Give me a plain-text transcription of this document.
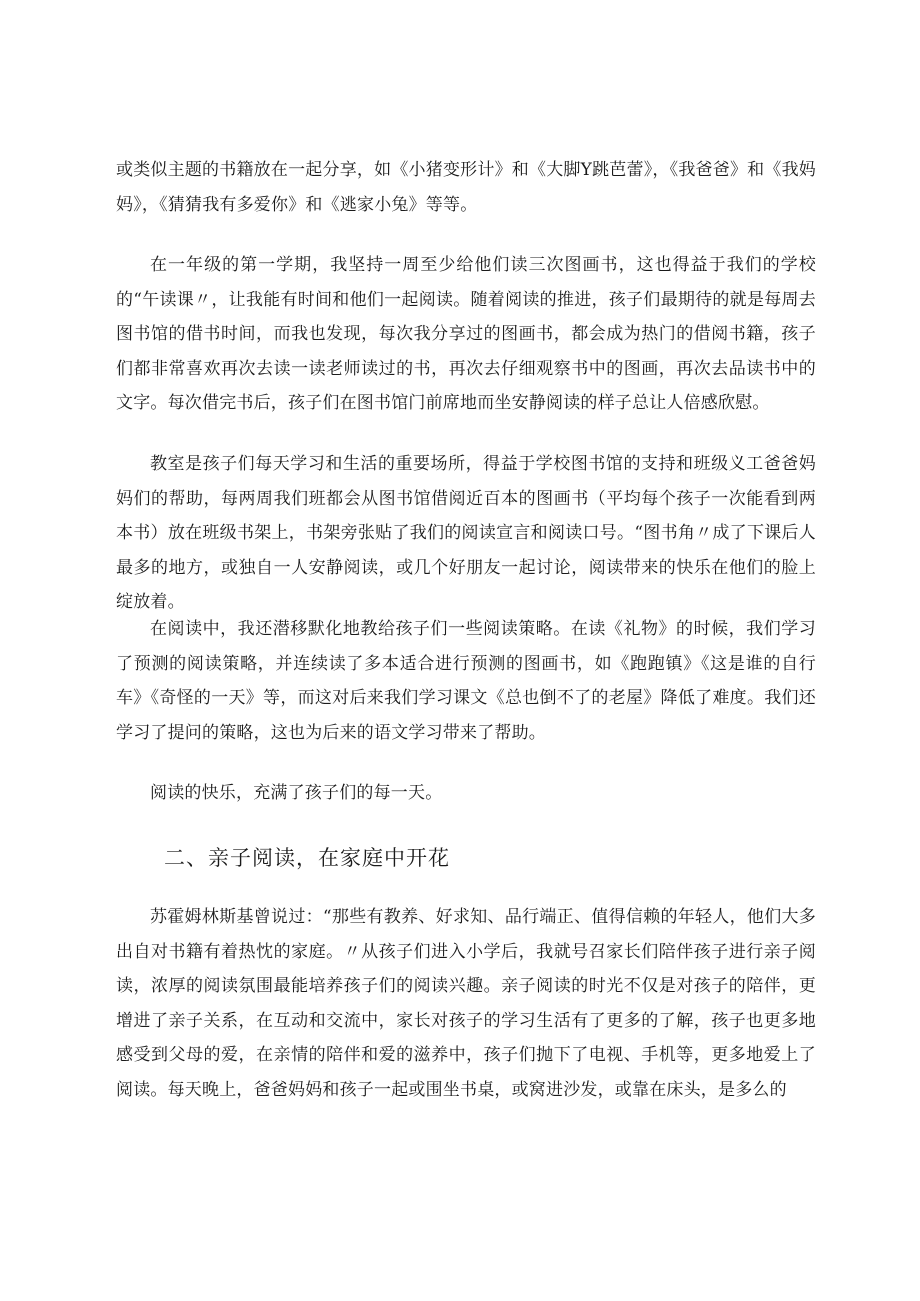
或类似主题的书籍放在一起分享，如《小猪变形计》和《大脚Y跳芭蕾》，《我爸爸》和《我妈妈》，《猜猜我有多爱你》和《逃家小兔》等等。

在一年级的第一学期，我坚持一周至少给他们读三次图画书，这也得益于我们的学校的“午读课〃，让我能有时间和他们一起阅读。随着阅读的推进，孩子们最期待的就是每周去图书馆的借书时间，而我也发现，每次我分享过的图画书，都会成为热门的借阅书籍，孩子们都非常喜欢再次去读一读老师读过的书，再次去仔细观察书中的图画，再次去品读书中的文字。每次借完书后，孩子们在图书馆门前席地而坐安静阅读的样子总让人倍感欣慰。

教室是孩子们每天学习和生活的重要场所，得益于学校图书馆的支持和班级义工爸爸妈妈们的帮助，每两周我们班都会从图书馆借阅近百本的图画书（平均每个孩子一次能看到两本书）放在班级书架上，书架旁张贴了我们的阅读宣言和阅读口号。“图书角〃成了下课后人最多的地方，或独自一人安静阅读，或几个好朋友一起讨论，阅读带来的快乐在他们的脸上绽放着。

在阅读中，我还潜移默化地教给孩子们一些阅读策略。在读《礼物》的时候，我们学习了预测的阅读策略，并连续读了多本适合进行预测的图画书，如《跑跑镇》《这是谁的自行车》《奇怪的一天》等，而这对后来我们学习课文《总也倒不了的老屋》降低了难度。我们还学习了提问的策略，这也为后来的语文学习带来了帮助。

阅读的快乐，充满了孩子们的每一天。

二、亲子阅读，在家庭中开花

苏霍姆林斯基曾说过：“那些有教养、好求知、品行端正、值得信赖的年轻人，他们大多出自对书籍有着热忱的家庭。〃从孩子们进入小学后，我就号召家长们陪伴孩子进行亲子阅读，浓厚的阅读氛围最能培养孩子们的阅读兴趣。亲子阅读的时光不仅是对孩子的陪伴，更增进了亲子关系，在互动和交流中，家长对孩子的学习生活有了更多的了解，孩子也更多地感受到父母的爱，在亲情的陪伴和爱的滋养中，孩子们抛下了电视、手机等，更多地爱上了阅读。每天晚上，爸爸妈妈和孩子一起或围坐书桌，或窝进沙发，或靠在床头，是多么的
